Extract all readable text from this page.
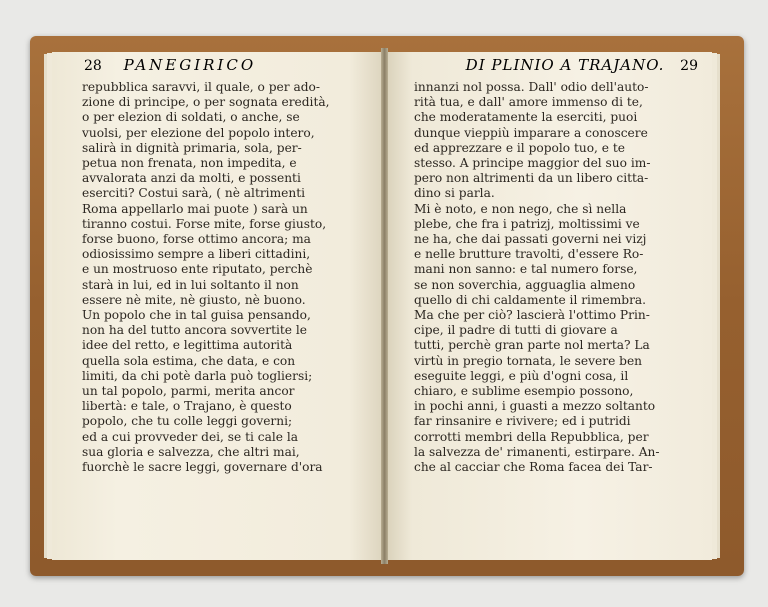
28 PANEGIRICO
repubblica saravvi, il quale, o per ado-
zione di principe, o per sognata eredità,
o per elezion di soldati, o anche, se
vuolsi, per elezione del popolo intero,
salirà in dignità primaria, sola, per-
petua non frenata, non impedita, e
avvalorata anzi da molti, e possenti
eserciti? Costui sarà, ( nè altrimenti
Roma appellarlo mai puote ) sarà un
tiranno costui. Forse mite, forse giusto,
forse buono, forse ottimo ancora; ma
odiosissimo sempre a liberi cittadini,
e un mostruoso ente riputato, perchè
starà in lui, ed in lui soltanto il non
essere nè mite, nè giusto, nè buono.
Un popolo che in tal guisa pensando,
non ha del tutto ancora sovvertite le
idee del retto, e legittima autorità
quella sola estima, che data, e con
limiti, da chi potè darla può togliersi;
un tal popolo, parmi, merita ancor
libertà: e tale, o Trajano, è questo
popolo, che tu colle leggi governi;
ed a cui provveder dei, se ti cale la
sua gloria e salvezza, che altri mai,
fuorchè le sacre leggi, governare d'ora
DI PLINIO A TRAJANO. 29
innanzi nol possa. Dall' odio dell'auto-
rità tua, e dall' amore immenso di te,
che moderatamente la eserciti, puoi
dunque vieppiù imparare a conoscere
ed apprezzare e il popolo tuo, e te
stesso. A principe maggior del suo im-
pero non altrimenti da un libero citta-
dino si parla.
Mi è noto, e non nego, che sì nella
plebe, che fra i patrizj, moltissimi ve
ne ha, che dai passati governi nei vizj
e nelle brutture travolti, d'essere Ro-
mani non sanno: e tal numero forse,
se non soverchia, agguaglia almeno
quello di chi caldamente il rimembra.
Ma che per ciò? lascierà l'ottimo Prin-
cipe, il padre di tutti di giovare a
tutti, perchè gran parte nol merta? La
virtù in pregio tornata, le severe ben
eseguite leggi, e più d'ogni cosa, il
chiaro, e sublime esempio possono,
in pochi anni, i guasti a mezzo soltanto
far rinsanire e rivivere; ed i putridi
corrotti membri della Repubblica, per
la salvezza de' rimanenti, estirpare. An-
che al cacciar che Roma facea dei Tar-
